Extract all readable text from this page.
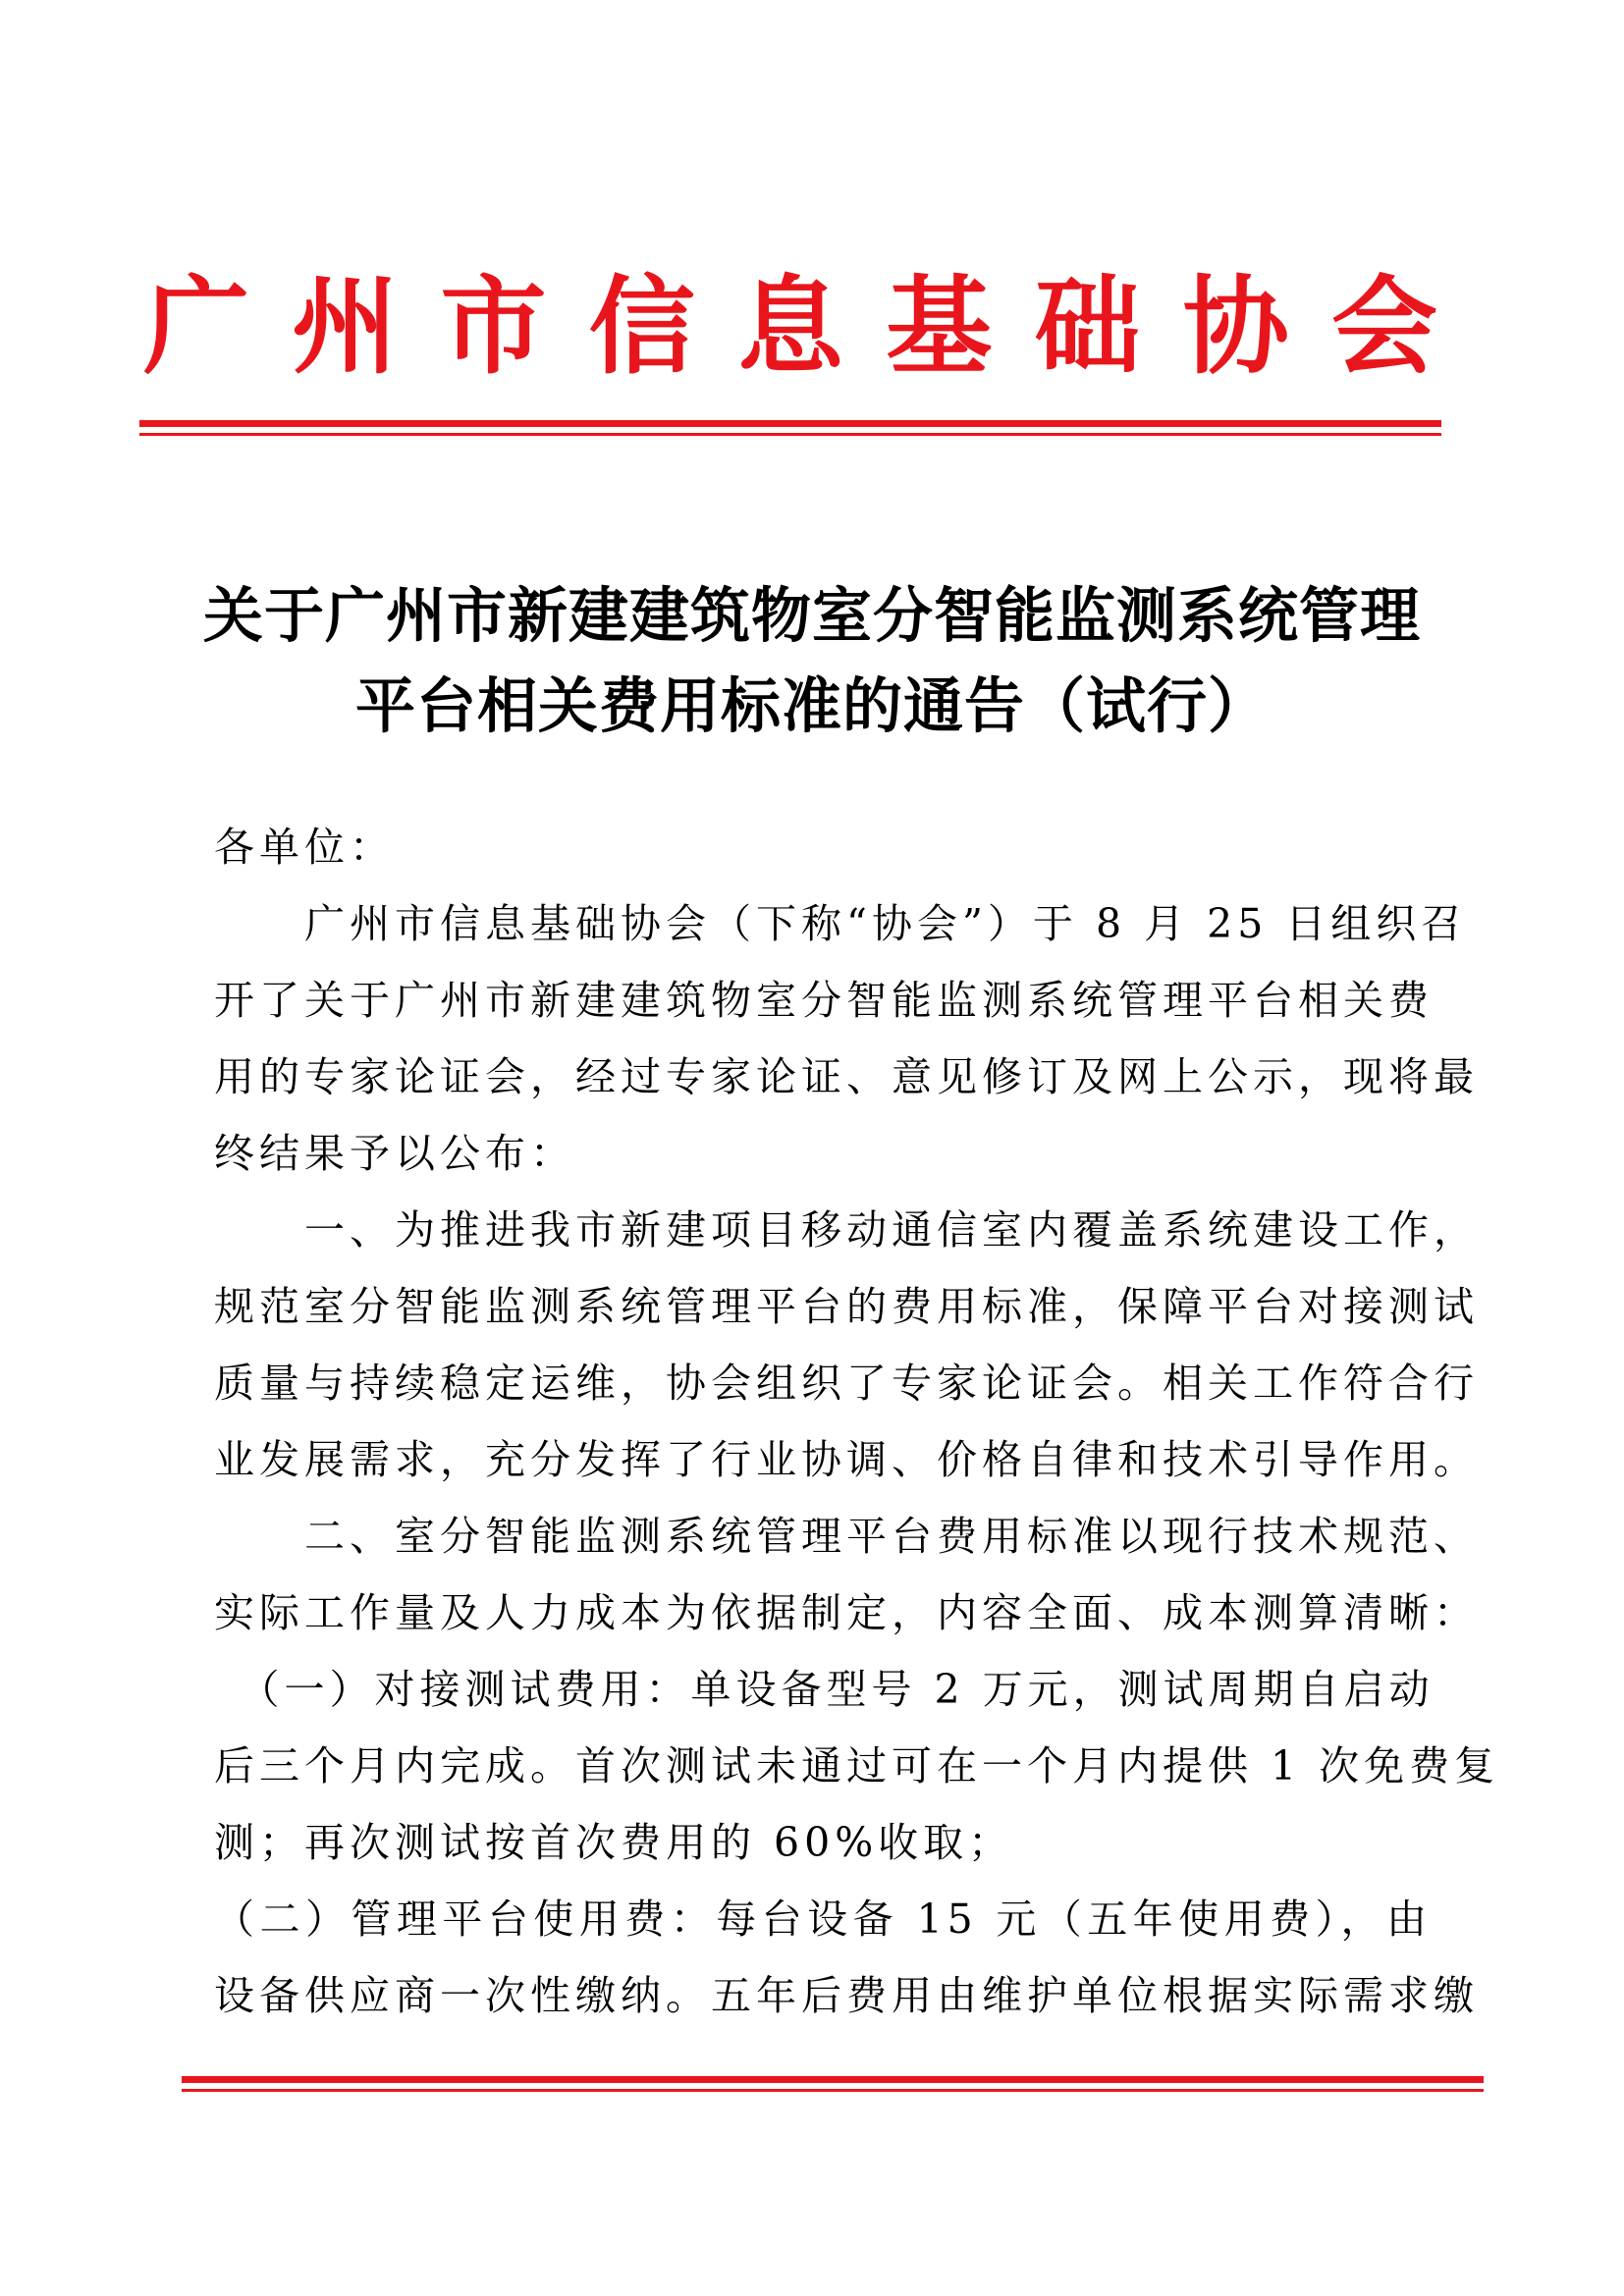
广 州 市 信 息 基 础 协 会
关于广州市新建建筑物室分智能监测系统管理
平台相关费用标准的通告（试行）
各单位：
　　广州市信息基础协会（下称“协会”）于 8 月 25 日组织召
开了关于广州市新建建筑物室分智能监测系统管理平台相关费
用的专家论证会，经过专家论证、意见修订及网上公示，现将最
终结果予以公布：
　　一、为推进我市新建项目移动通信室内覆盖系统建设工作，
规范室分智能监测系统管理平台的费用标准，保障平台对接测试
质量与持续稳定运维，协会组织了专家论证会。相关工作符合行
业发展需求，充分发挥了行业协调、价格自律和技术引导作用。
　　二、室分智能监测系统管理平台费用标准以现行技术规范、
实际工作量及人力成本为依据制定，内容全面、成本测算清晰：
　（一）对接测试费用：单设备型号 2 万元，测试周期自启动
后三个月内完成。首次测试未通过可在一个月内提供 1 次免费复
测；再次测试按首次费用的 60%收取；
（二）管理平台使用费：每台设备 15 元（五年使用费），由
设备供应商一次性缴纳。五年后费用由维护单位根据实际需求缴
